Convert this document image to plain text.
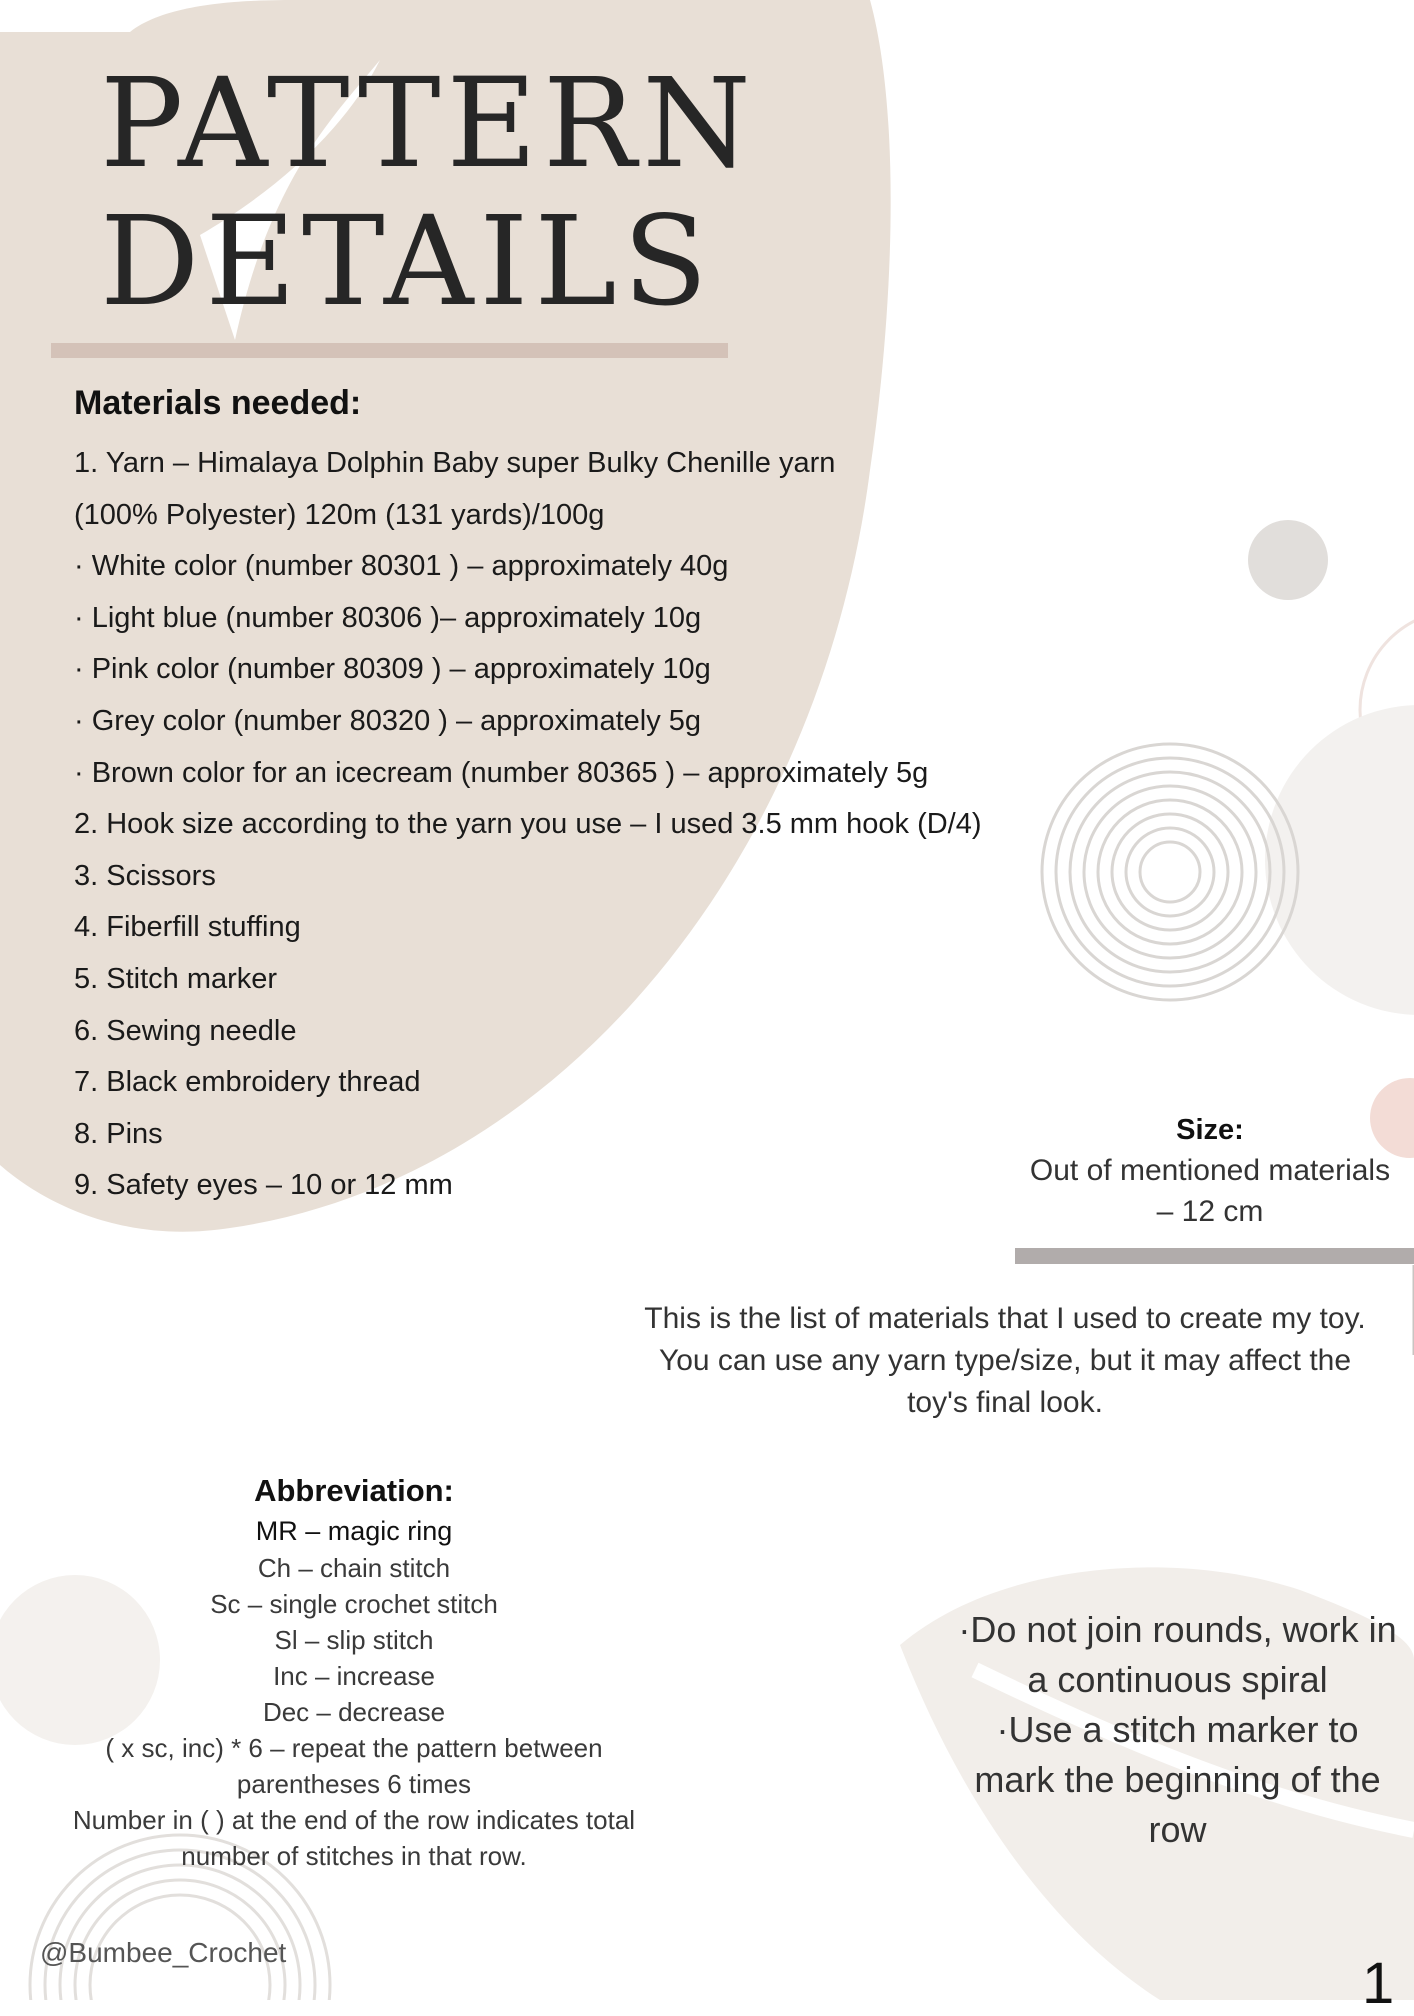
PATTERN
DETAILS
Materials needed:
1. Yarn – Himalaya Dolphin Baby super Bulky Chenille yarn
(100% Polyester) 120m (131 yards)/100g
· White color (number 80301 ) – approximately 40g
· Light blue (number 80306 )– approximately 10g
· Pink color (number 80309 ) – approximately 10g
· Grey color (number 80320 ) – approximately 5g
· Brown color for an icecream (number 80365 ) – approximately 5g
2. Hook size according to the yarn you use – I used 3.5 mm hook (D/4)
3. Scissors
4. Fiberfill stuffing
5. Stitch marker
6. Sewing needle
7. Black embroidery thread
8. Pins
9. Safety eyes – 10 or 12 mm
Size:
Out of mentioned materials
– 12 cm
This is the list of materials that I used to create my toy.
You can use any yarn type/size, but it may affect the
toy's final look.
Abbreviation:
MR – magic ring
Ch – chain stitch
Sc – single crochet stitch
Sl – slip stitch
Inc – increase
Dec – decrease
( x sc, inc) * 6 – repeat the pattern between
parentheses 6 times
Number in ( ) at the end of the row indicates total
number of stitches in that row.
·Do not join rounds, work in
a continuous spiral
·Use a stitch marker to
mark the beginning of the
row
@Bumbee_Crochet	1
